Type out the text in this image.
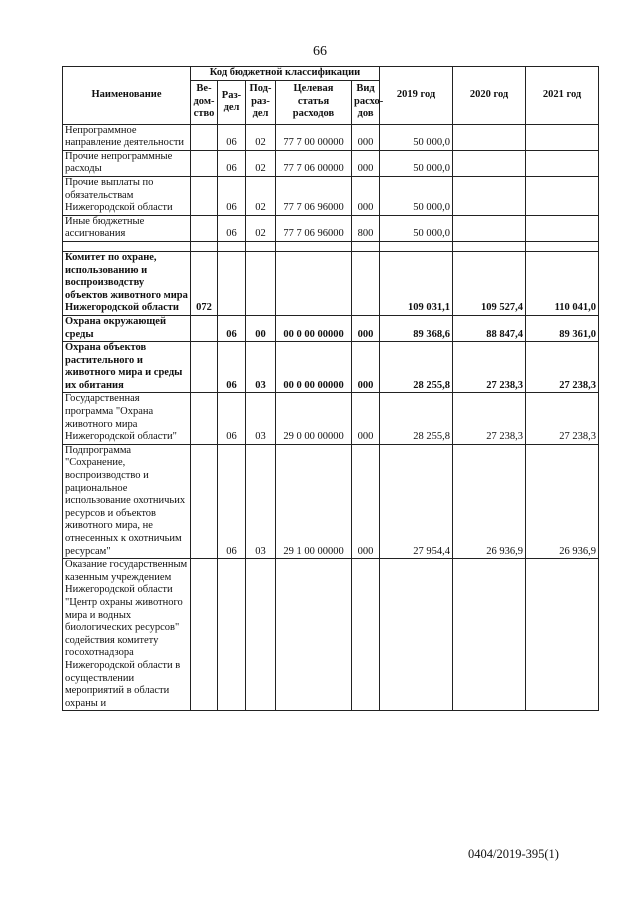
66
Наименование	Код бюджетной классификации					2019 год	2020 год	2021 год
	Ве-дом-ство	Раз-дел	Под-раз-дел	Целевая статья расходов	Вид расхо-дов			
Непрограммное направление деятельности		06	02	77 7 00 00000	000	50 000,0		
Прочие непрограммные расходы		06	02	77 7 06 00000	000	50 000,0		
Прочие выплаты по обязательствам Нижегородской области		06	02	77 7 06 96000	000	50 000,0		
Иные бюджетные ассигнования		06	02	77 7 06 96000	800	50 000,0		

Комитет по охране, использованию и воспроизводству объектов животного мира Нижегородской области	072					109 031,1	109 527,4	110 041,0
Охрана окружающей среды		06	00	00 0 00 00000	000	89 368,6	88 847,4	89 361,0
Охрана объектов растительного и животного мира и среды их обитания		06	03	00 0 00 00000	000	28 255,8	27 238,3	27 238,3
Государственная программа "Охрана животного мира Нижегородской области"		06	03	29 0 00 00000	000	28 255,8	27 238,3	27 238,3
Подпрограмма "Сохранение, воспроизводство и рациональное использование охотничьих ресурсов и объектов животного мира, не отнесенных к охотничьим ресурсам"		06	03	29 1 00 00000	000	27 954,4	26 936,9	26 936,9
Оказание государственным казенным учреждением Нижегородской области "Центр охраны животного мира и водных биологических ресурсов" содействия комитету госохотнадзора Нижегородской области в осуществлении мероприятий в области охраны и								
0404/2019-395(1)
